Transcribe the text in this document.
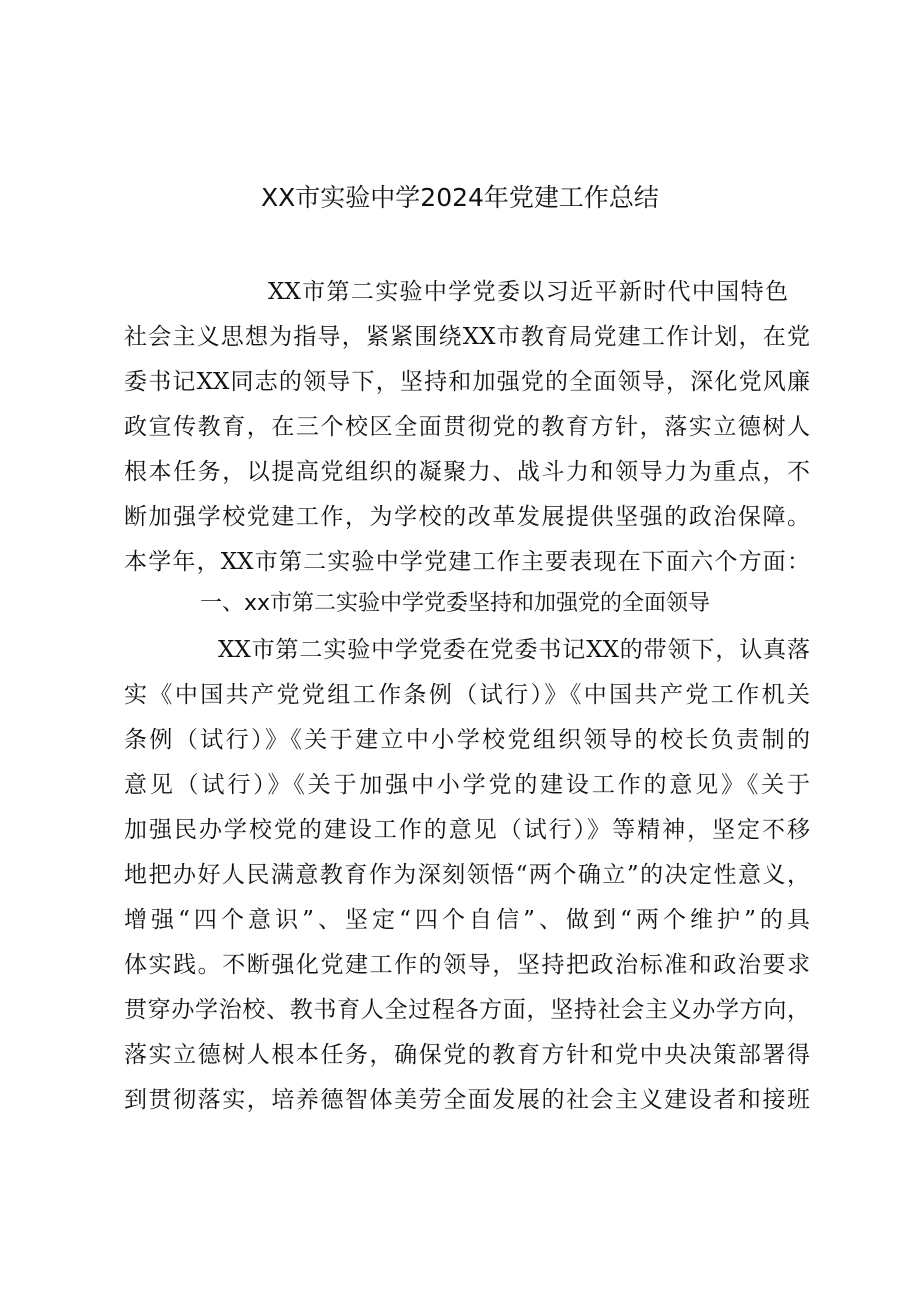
XX市实验中学2024年党建工作总结
XX市第二实验中学党委以习近平新时代中国特色
社会主义思想为指导，紧紧围绕XX市教育局党建工作计划，在党
委书记XX同志的领导下，坚持和加强党的全面领导，深化党风廉
政宣传教育，在三个校区全面贯彻党的教育方针，落实立德树人
根本任务，以提高党组织的凝聚力、战斗力和领导力为重点，不
断加强学校党建工作，为学校的改革发展提供坚强的政治保障。
本学年，XX市第二实验中学党建工作主要表现在下面六个方面：
一、xx市第二实验中学党委坚持和加强党的全面领导
XX市第二实验中学党委在党委书记XX的带领下，认真落
实《中国共产党党组工作条例（试行）》《中国共产党工作机关
条例（试行）》《关于建立中小学校党组织领导的校长负责制的
意见（试行）》《关于加强中小学党的建设工作的意见》《关于
加强民办学校党的建设工作的意见（试行）》等精神，坚定不移
地把办好人民满意教育作为深刻领悟“两个确立”的决定性意义，
增强“四个意识”、坚定“四个自信”、做到“两个维护”的具
体实践。不断强化党建工作的领导，坚持把政治标准和政治要求
贯穿办学治校、教书育人全过程各方面，坚持社会主义办学方向，
落实立德树人根本任务，确保党的教育方针和党中央决策部署得
到贯彻落实，培养德智体美劳全面发展的社会主义建设者和接班
